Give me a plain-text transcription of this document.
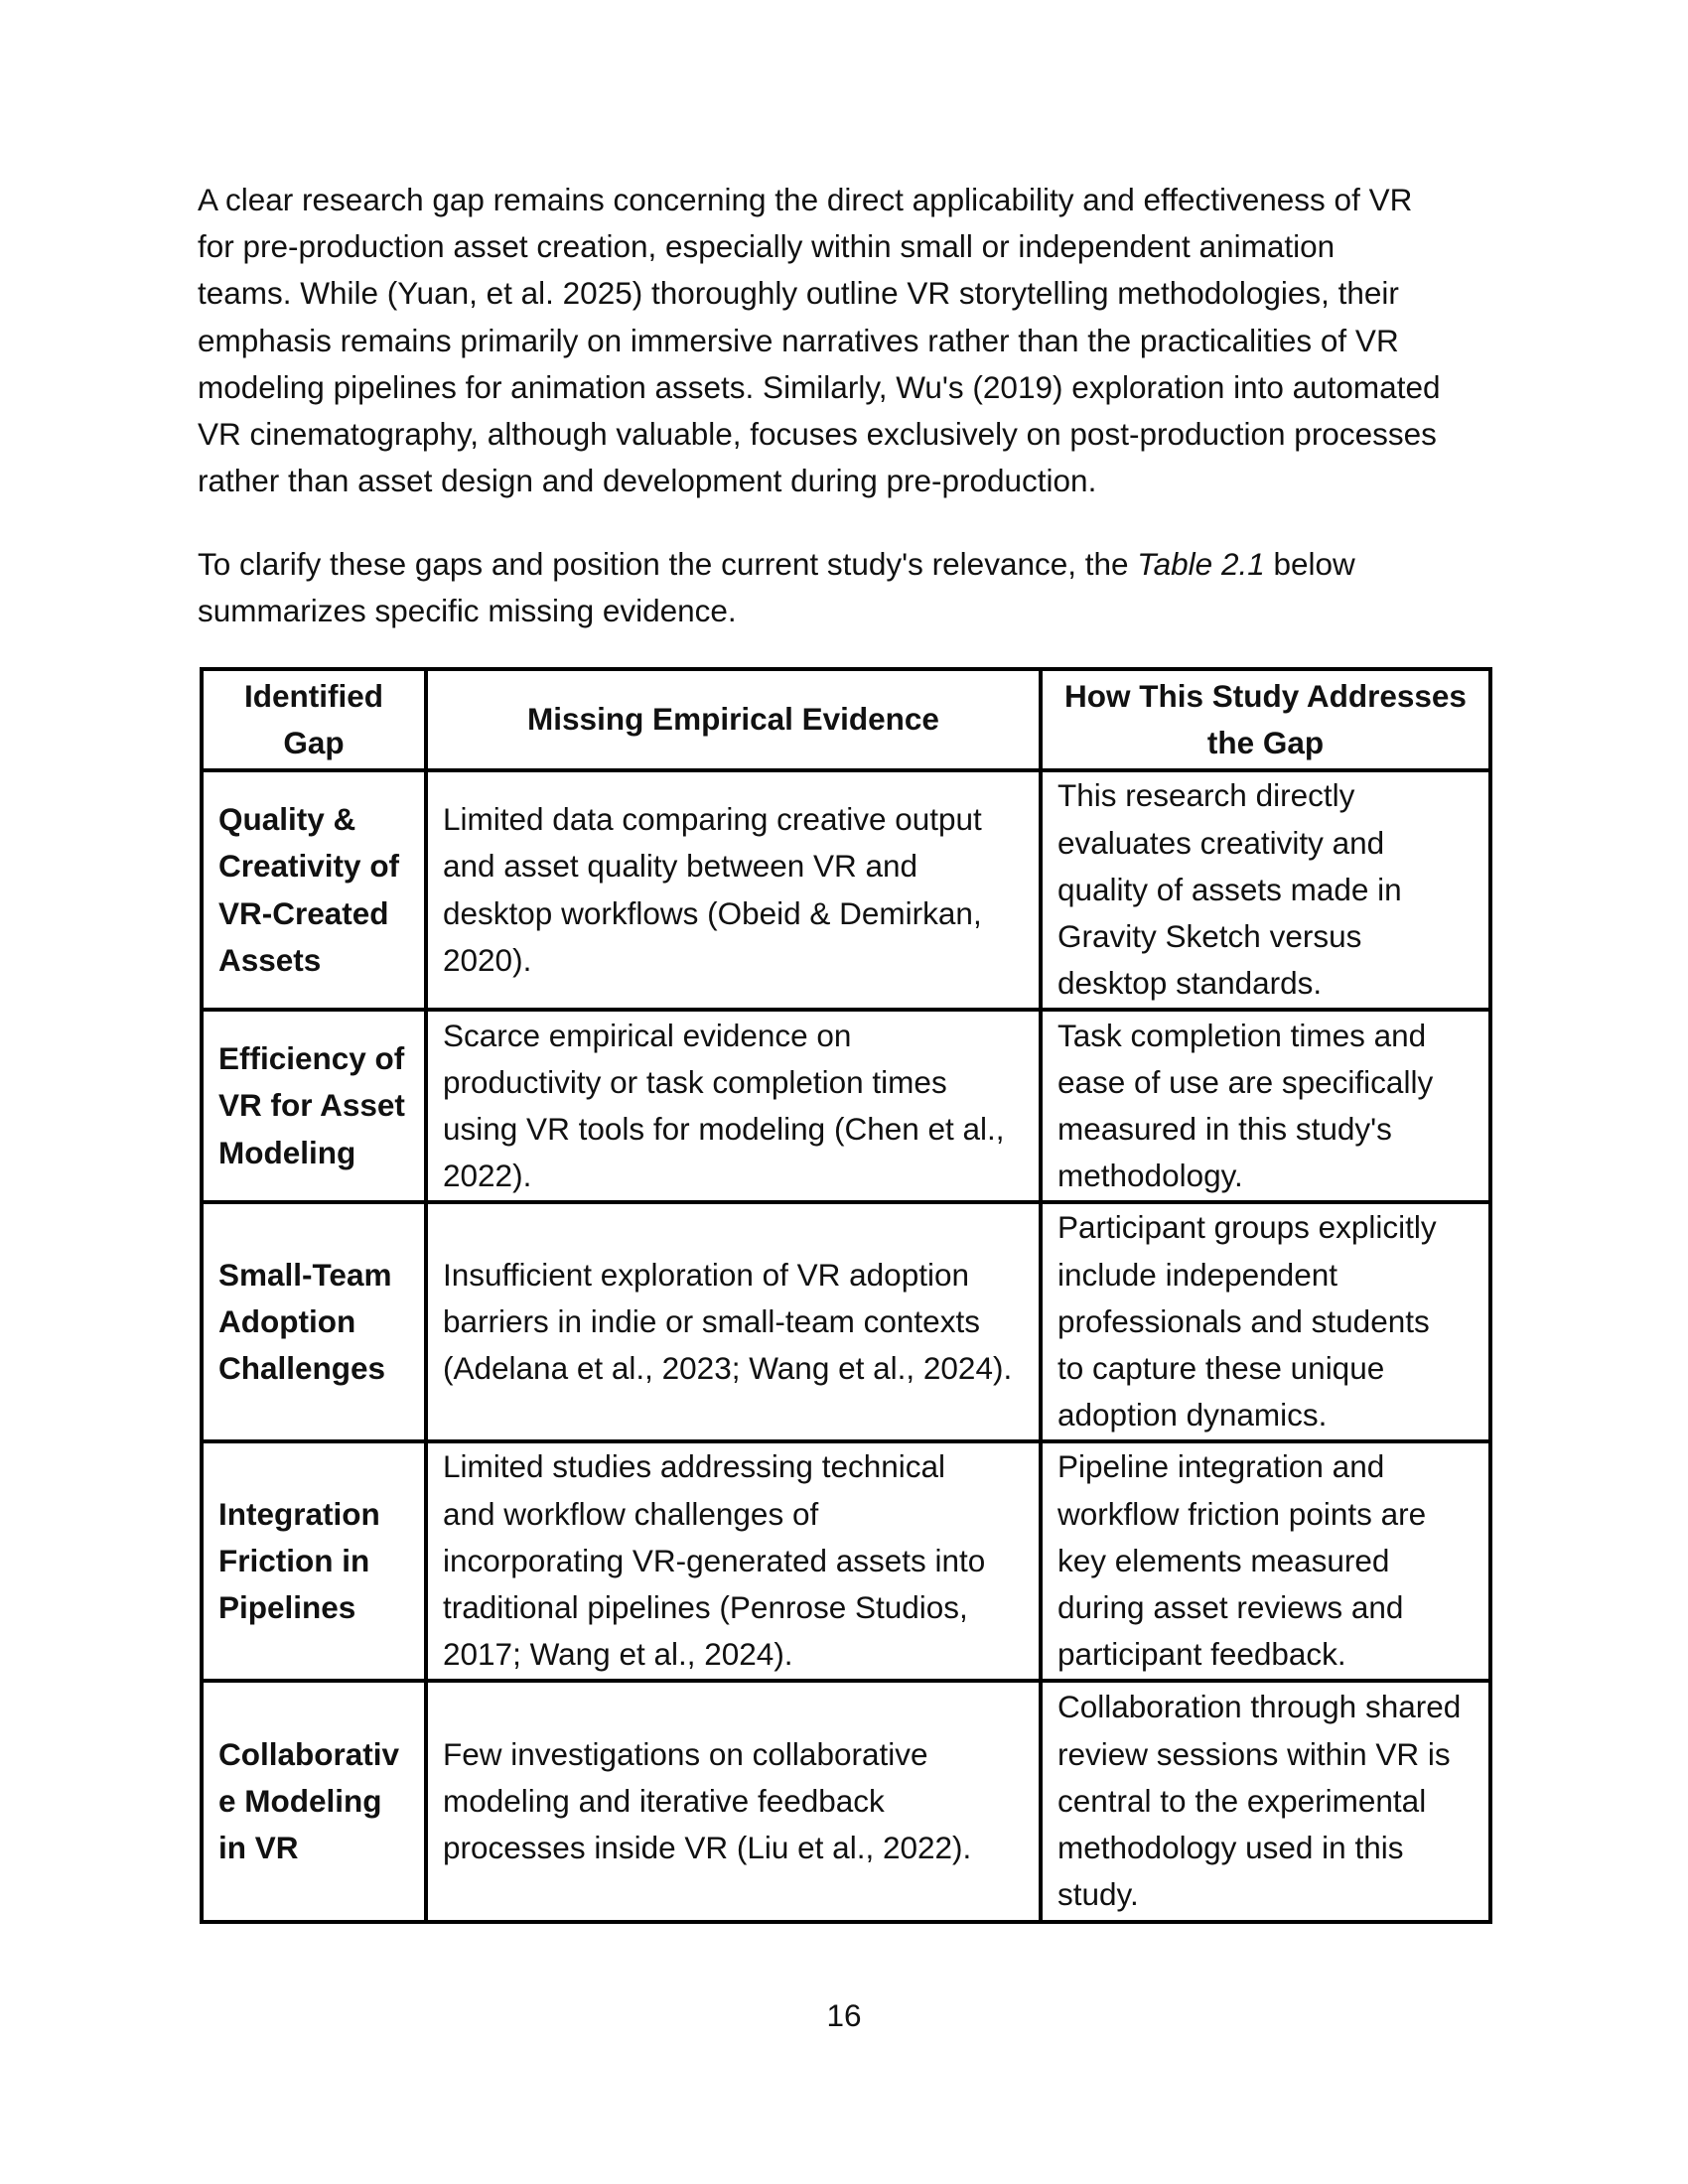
A clear research gap remains concerning the direct applicability and effectiveness of VR
for pre-production asset creation, especially within small or independent animation
teams. While (Yuan, et al. 2025) thoroughly outline VR storytelling methodologies, their
emphasis remains primarily on immersive narratives rather than the practicalities of VR
modeling pipelines for animation assets. Similarly, Wu's (2019) exploration into automated
VR cinematography, although valuable, focuses exclusively on post-production processes
rather than asset design and development during pre-production.

To clarify these gaps and position the current study's relevance, the Table 2.1 below
summarizes specific missing evidence.

Identified Gap	Missing Empirical Evidence	How This Study Addresses the Gap

Quality &
Creativity of
VR-Created
Assets	Limited data comparing creative output
and asset quality between VR and
desktop workflows (Obeid & Demirkan,
2020).	This research directly
evaluates creativity and
quality of assets made in
Gravity Sketch versus
desktop standards.

Efficiency of
VR for Asset
Modeling	Scarce empirical evidence on
productivity or task completion times
using VR tools for modeling (Chen et al.,
2022).	Task completion times and
ease of use are specifically
measured in this study's
methodology.

Small-Team
Adoption
Challenges	Insufficient exploration of VR adoption
barriers in indie or small-team contexts
(Adelana et al., 2023; Wang et al., 2024).	Participant groups explicitly
include independent
professionals and students
to capture these unique
adoption dynamics.

Integration
Friction in
Pipelines	Limited studies addressing technical
and workflow challenges of
incorporating VR-generated assets into
traditional pipelines (Penrose Studios,
2017; Wang et al., 2024).	Pipeline integration and
workflow friction points are
key elements measured
during asset reviews and
participant feedback.

Collaborativ
e Modeling
in VR	Few investigations on collaborative
modeling and iterative feedback
processes inside VR (Liu et al., 2022).	Collaboration through shared
review sessions within VR is
central to the experimental
methodology used in this
study.
16
